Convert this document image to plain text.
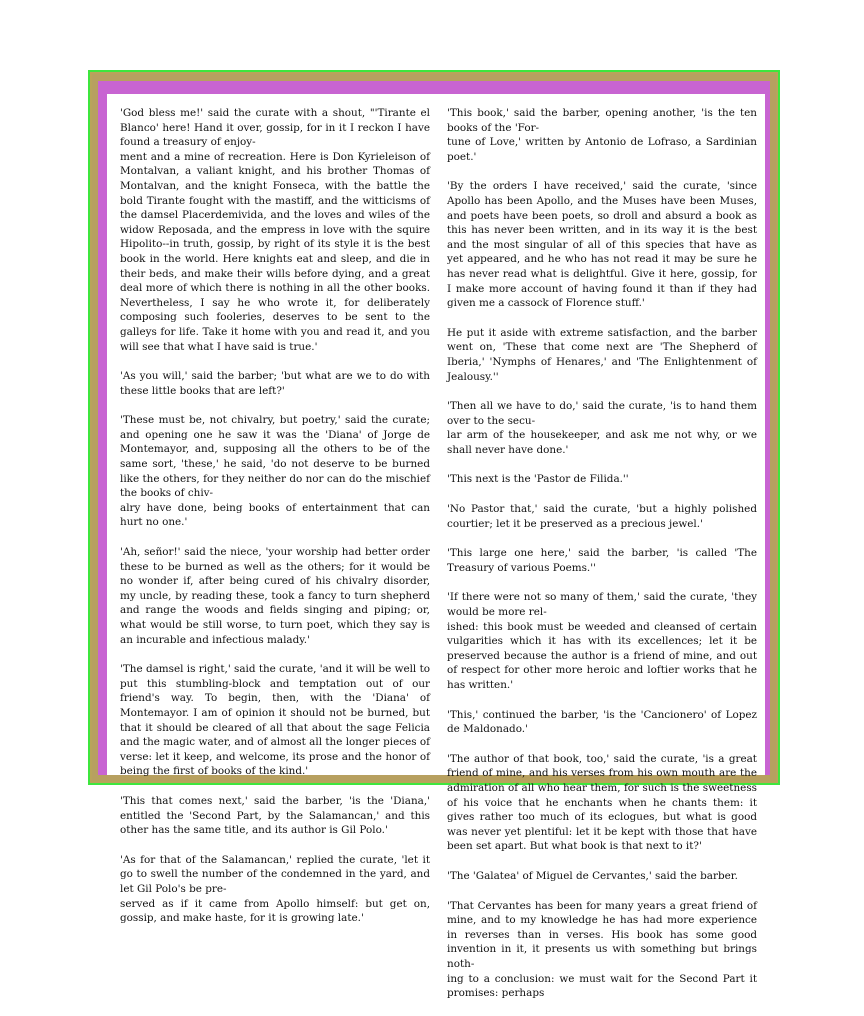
'God bless me!' said the curate with a shout, "'Tirante el Blanco' here! Hand it over, gossip, for in it I reckon I have found a treasury of enjoy-
ment and a mine of recreation. Here is Don Kyrieleison of Montalvan, a valiant knight, and his brother Thomas of Montalvan, and the knight Fonseca, with the battle the bold Tirante fought with the mastiff, and the witticisms of the damsel Placerdemivida, and the loves and wiles of the widow Reposada, and the empress in love with the squire Hipolito--in truth, gossip, by right of its style it is the best book in the world. Here knights eat and sleep, and die in their beds, and make their wills before dying, and a great deal more of which there is nothing in all the other books. Nevertheless, I say he who wrote it, for deliberately composing such fooleries, deserves to be sent to the galleys for life. Take it home with you and read it, and you will see that what I have said is true.'

'As you will,' said the barber; 'but what are we to do with these little books that are left?'

'These must be, not chivalry, but poetry,' said the curate; and opening one he saw it was the 'Diana' of Jorge de Montemayor, and, supposing all the others to be of the same sort, 'these,' he said, 'do not deserve to be burned like the others, for they neither do nor can do the mischief the books of chiv-
alry have done, being books of entertainment that can hurt no one.'

'Ah, señor!' said the niece, 'your worship had better order these to be burned as well as the others; for it would be no wonder if, after being cured of his chivalry disorder, my uncle, by reading these, took a fancy to turn shepherd and range the woods and fields singing and piping; or, what would be still worse, to turn poet, which they say is an incurable and infectious malady.'

'The damsel is right,' said the curate, 'and it will be well to put this stumbling-block and temptation out of our friend's way. To begin, then, with the 'Diana' of Montemayor. I am of opinion it should not be burned, but that it should be cleared of all that about the sage Felicia and the magic water, and of almost all the longer pieces of verse: let it keep, and welcome, its prose and the honor of being the first of books of the kind.'

'This that comes next,' said the barber, 'is the 'Diana,' entitled the 'Second Part, by the Salamancan,' and this other has the same title, and its author is Gil Polo.'

'As for that of the Salamancan,' replied the curate, 'let it go to swell the number of the condemned in the yard, and let Gil Polo's be pre-
served as if it came from Apollo himself: but get on, gossip, and make haste, for it is growing late.'

'This book,' said the barber, opening another, 'is the ten books of the 'For-
tune of Love,' written by Antonio de Lofraso, a Sardinian poet.'

'By the orders I have received,' said the curate, 'since Apollo has been Apollo, and the Muses have been Muses, and poets have been poets, so droll and absurd a book as this has never been written, and in its way it is the best and the most singular of all of this species that have as yet appeared, and he who has not read it may be sure he has never read what is delightful. Give it here, gossip, for I make more account of having found it than if they had given me a cassock of Florence stuff.'

He put it aside with extreme satisfaction, and the barber went on, 'These that come next are 'The Shepherd of Iberia,' 'Nymphs of Henares,' and 'The Enlightenment of Jealousy.''

'Then all we have to do,' said the curate, 'is to hand them over to the secu-
lar arm of the housekeeper, and ask me not why, or we shall never have done.'

'This next is the 'Pastor de Filida.''

'No Pastor that,' said the curate, 'but a highly polished courtier; let it be preserved as a precious jewel.'

'This large one here,' said the barber, 'is called 'The Treasury of various Poems.''

'If there were not so many of them,' said the curate, 'they would be more rel-
ished: this book must be weeded and cleansed of certain vulgarities which it has with its excellences; let it be preserved because the author is a friend of mine, and out of respect for other more heroic and loftier works that he has written.'

'This,' continued the barber, 'is the 'Cancionero' of Lopez de Maldonado.'

'The author of that book, too,' said the curate, 'is a great friend of mine, and his verses from his own mouth are the admiration of all who hear them, for such is the sweetness of his voice that he enchants when he chants them: it gives rather too much of its eclogues, but what is good was never yet plentiful: let it be kept with those that have been set apart. But what book is that next to it?'

'The 'Galatea' of Miguel de Cervantes,' said the barber.

'That Cervantes has been for many years a great friend of mine, and to my knowledge he has had more experience in reverses than in verses. His book has some good invention in it, it presents us with something but brings noth-
ing to a conclusion: we must wait for the Second Part it promises: perhaps
